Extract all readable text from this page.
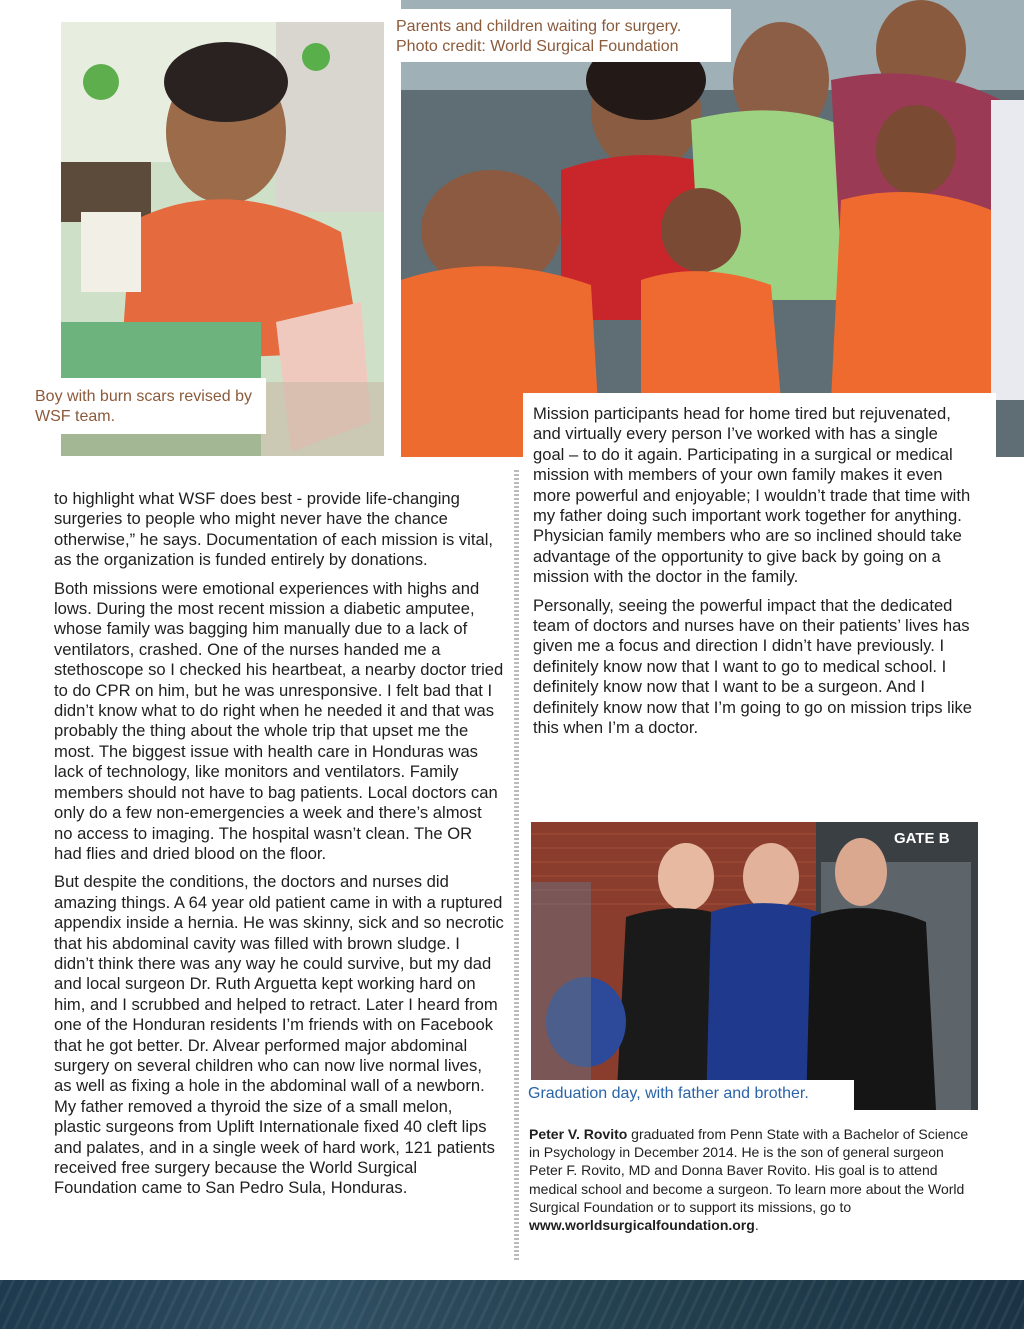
GATE B
Boy with burn scars revised by WSF team.
Parents and children waiting for surgery.
Photo credit: World Surgical Foundation
Graduation day, with father and brother.

to highlight what WSF does best - provide life-changing surgeries to people who might never have the chance otherwise,” he says. Documentation of each mission is vital, as the organization is funded entirely by donations.

Both missions were emotional experiences with highs and lows. During the most recent mission a diabetic amputee, whose family was bagging him manually due to a lack of ventilators, crashed. One of the nurses handed me a stethoscope so I checked his heartbeat, a nearby doctor tried to do CPR on him, but he was unresponsive. I felt bad that I didn’t know what to do right when he needed it and that was probably the thing about the whole trip that upset me the most. The biggest issue with health care in Honduras was lack of technology, like monitors and ventilators. Family members should not have to bag patients. Local doctors can only do a few non-emergencies a week and there’s almost no access to imaging. The hospital wasn’t clean. The OR had flies and dried blood on the floor.

But despite the conditions, the doctors and nurses did amazing things. A 64 year old patient came in with a ruptured appendix inside a hernia. He was skinny, sick and so necrotic that his abdominal cavity was filled with brown sludge. I didn’t think there was any way he could survive, but my dad and local surgeon Dr. Ruth Arguetta kept working hard on him, and I scrubbed and helped to retract. Later I heard from one of the Honduran residents I’m friends with on Facebook that he got better. Dr. Alvear performed major abdominal surgery on several children who can now live normal lives, as well as fixing a hole in the abdominal wall of a newborn. My father removed a thyroid the size of a small melon, plastic surgeons from Uplift Internationale fixed 40 cleft lips and palates, and in a single week of hard work, 121 patients received free surgery because the World Surgical Foundation came to San Pedro Sula, Honduras.

Mission participants head for home tired but rejuvenated, and virtually every person I’ve worked with has a single goal – to do it again. Participating in a surgical or medical mission with members of your own family makes it even more powerful and enjoyable; I wouldn’t trade that time with my father doing such important work together for anything. Physician family members who are so inclined should take advantage of the opportunity to give back by going on a mission with the doctor in the family.

Personally, seeing the powerful impact that the dedicated team of doctors and nurses have on their patients’ lives has given me a focus and direction I didn’t have previously. I definitely know now that I want to go to medical school. I definitely know now that I want to be a surgeon. And I definitely know now that I’m going to go on mission trips like this when I’m a doctor.

Peter V. Rovito graduated from Penn State with a Bachelor of Science in Psychology in December 2014. He is the son of general surgeon Peter F. Rovito, MD and Donna Baver Rovito. His goal is to attend medical school and become a surgeon. To learn more about the World Surgical Foundation or to support its missions, go to www.worldsurgicalfoundation.org.
